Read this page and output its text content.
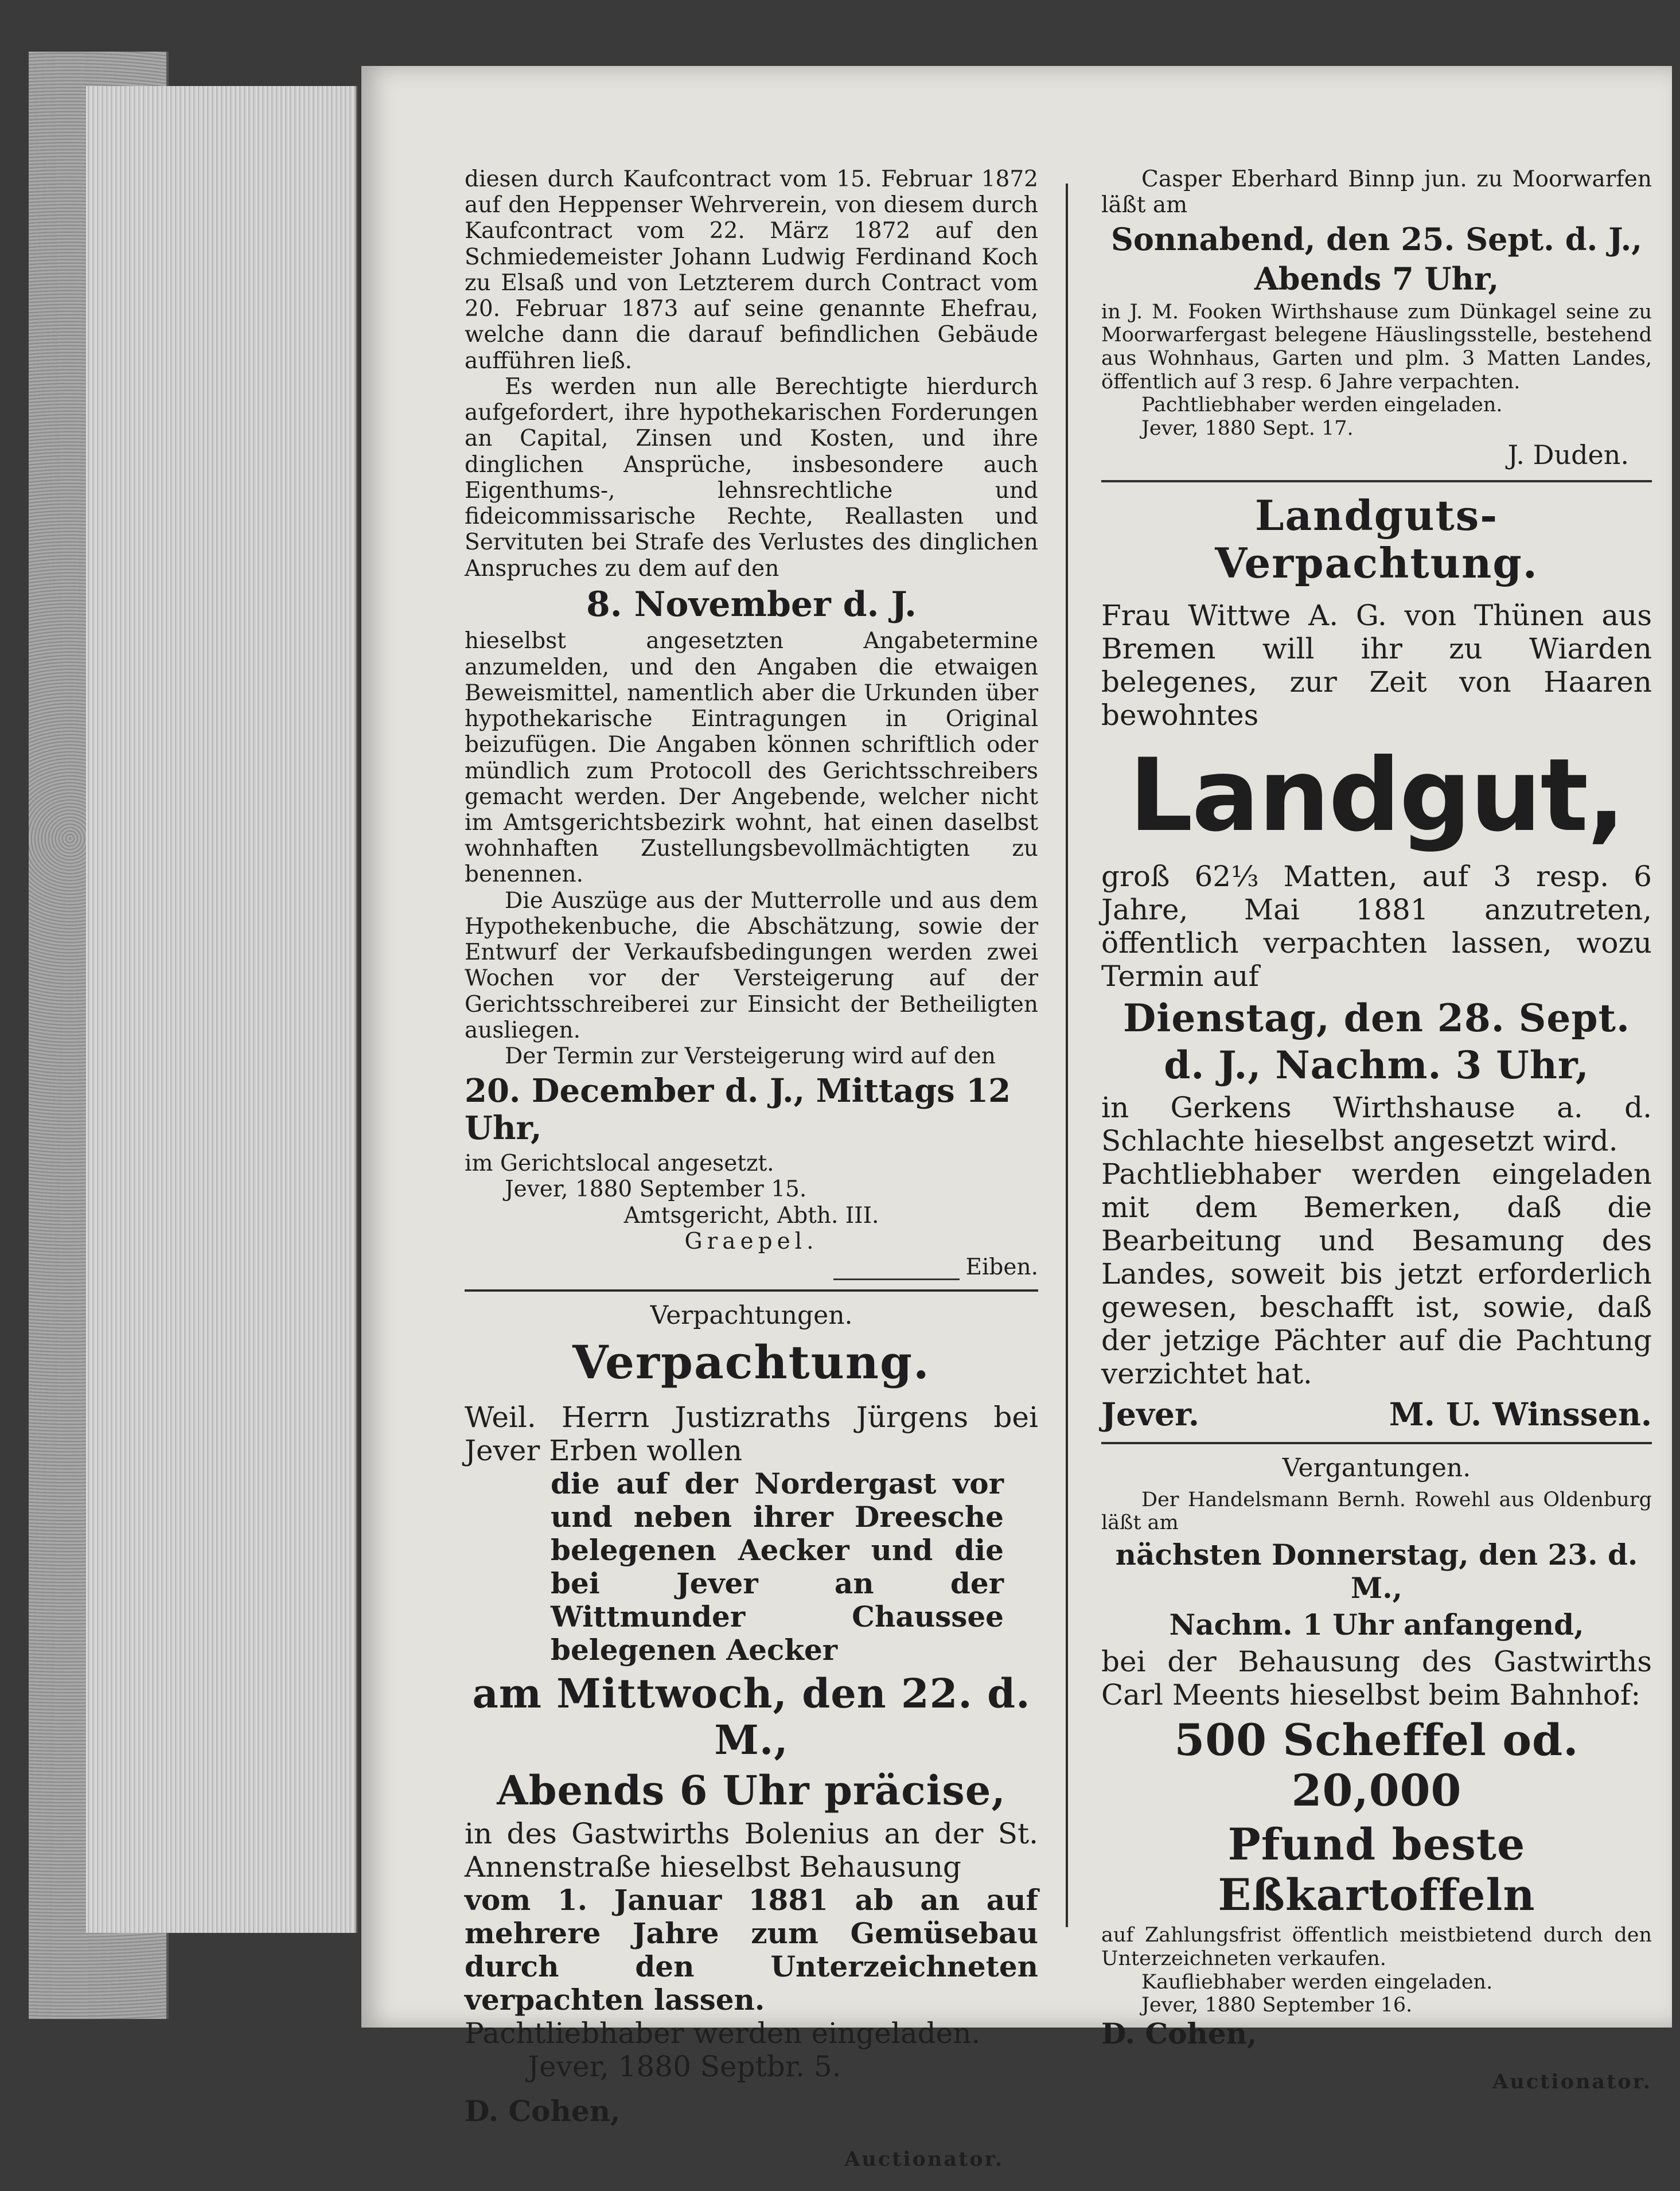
diesen durch Kaufcontract vom 15. Februar 1872 auf den Heppenser Wehrverein, von diesem durch Kaufcontract vom 22. März 1872 auf den Schmiedemeister Johann Ludwig Ferdinand Koch zu Elsaß und von Letzterem durch Contract vom 20. Februar 1873 auf seine genannte Ehefrau, welche dann die darauf befindlichen Gebäude aufführen ließ.

Es werden nun alle Berechtigte hierdurch aufgefordert, ihre hypothekarischen Forderungen an Capital, Zinsen und Kosten, und ihre dinglichen Ansprüche, insbesondere auch Eigenthums-, lehnsrechtliche und fideicommissarische Rechte, Reallasten und Servituten bei Strafe des Verlustes des dinglichen Anspruches zu dem auf den

8. November d. J.

hieselbst angesetzten Angabetermine anzumelden, und den Angaben die etwaigen Beweismittel, namentlich aber die Urkunden über hypothekarische Eintragungen in Original beizufügen. Die Angaben können schriftlich oder mündlich zum Protocoll des Gerichtsschreibers gemacht werden. Der Angebende, welcher nicht im Amtsgerichtsbezirk wohnt, hat einen daselbst wohnhaften Zustellungsbevollmächtigten zu benennen.

Die Auszüge aus der Mutterrolle und aus dem Hypothekenbuche, die Abschätzung, sowie der Entwurf der Verkaufsbedingungen werden zwei Wochen vor der Versteigerung auf der Gerichtsschreiberei zur Einsicht der Betheiligten ausliegen.

Der Termin zur Versteigerung wird auf den

20. December d. J., Mittags 12 Uhr,

im Gerichtslocal angesetzt.

Jever, 1880 September 15.

Amtsgericht, Abth. III.

Graepel.

Eiben.
Verpachtungen.
Verpachtung.

Weil. Herrn Justizraths Jürgens bei Jever Erben wollen

die auf der Nordergast vor und neben ihrer Dreesche belegenen Aecker und die bei Jever an der Wittmunder Chaussee belegenen Aecker

am Mittwoch, den 22. d. M.,
Abends 6 Uhr präcise,

in des Gastwirths Bolenius an der St. Annenstraße hieselbst Behausung

vom 1. Januar 1881 ab an auf mehrere Jahre zum Gemüsebau durch den Unterzeichneten verpachten lassen.

Pachtliebhaber werden eingeladen.

Jever, 1880 Septbr. 5.

D. Cohen,

Auctionator.

Casper Eberhard Binnp jun. zu Moorwarfen läßt am

Sonnabend, den 25. Sept. d. J.,
Abends 7 Uhr,

in J. M. Fooken Wirthshause zum Dünkagel seine zu Moorwarfergast belegene Häuslingsstelle, bestehend aus Wohnhaus, Garten und plm. 3 Matten Landes, öffentlich auf 3 resp. 6 Jahre verpachten.

Pachtliebhaber werden eingeladen.

Jever, 1880 Sept. 17.

J. Duden.

Landguts-Verpachtung.

Frau Wittwe A. G. von Thünen aus Bremen will ihr zu Wiarden belegenes, zur Zeit von Haaren bewohntes

Landgut,

groß 62⅓ Matten, auf 3 resp. 6 Jahre, Mai 1881 anzutreten, öffentlich verpachten lassen, wozu Termin auf

Dienstag, den 28. Sept.
d. J., Nachm. 3 Uhr,

in Gerkens Wirthshause a. d. Schlachte hieselbst angesetzt wird.

Pachtliebhaber werden eingeladen mit dem Bemerken, daß die Bearbeitung und Besamung des Landes, soweit bis jetzt erforderlich gewesen, beschafft ist, sowie, daß der jetzige Pächter auf die Pachtung verzichtet hat.

Jever.	M. U. Winssen.
Vergantungen.

Der Handelsmann Bernh. Rowehl aus Oldenburg läßt am

nächsten Donnerstag, den 23. d. M.,
Nachm. 1 Uhr anfangend,

bei der Behausung des Gastwirths Carl Meents hieselbst beim Bahnhof:

500 Scheffel od. 20,000
Pfund beste Eßkartoffeln

auf Zahlungsfrist öffentlich meistbietend durch den Unterzeichneten verkaufen.

Kaufliebhaber werden eingeladen.

Jever, 1880 September 16.

D. Cohen,

Auctionator.
